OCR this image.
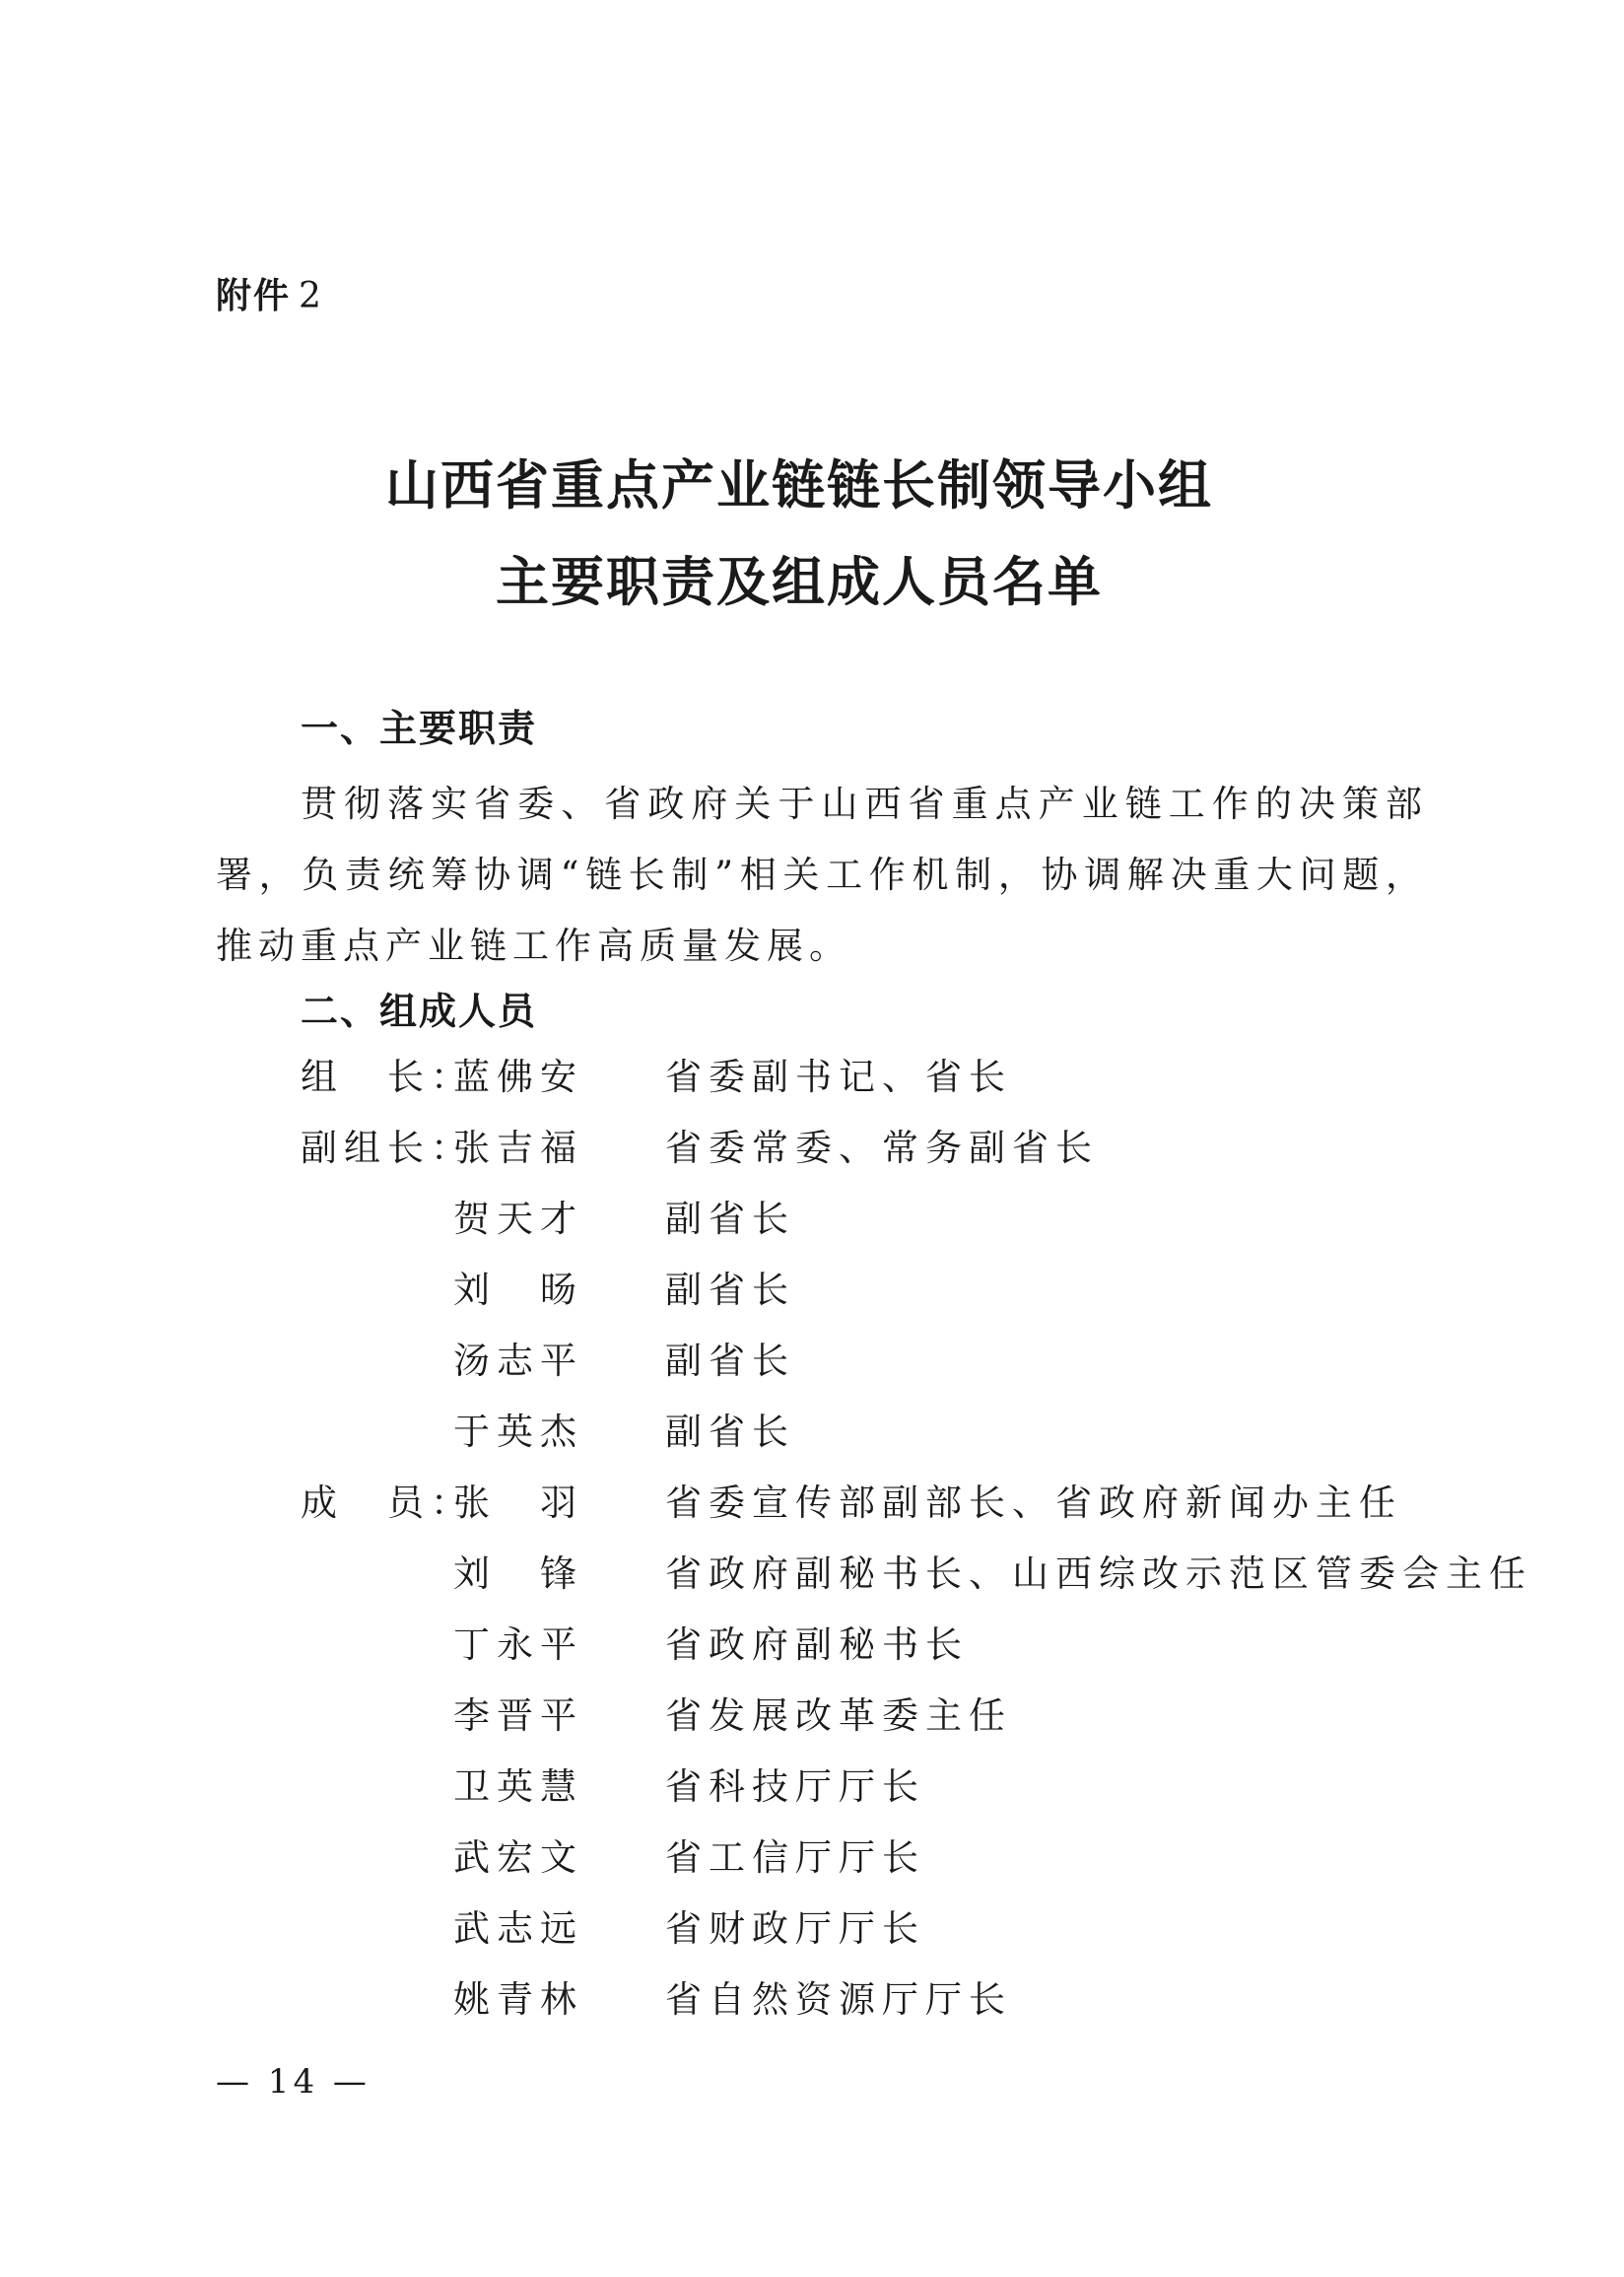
附件 2
山西省重点产业链链长制领导小组
主要职责及组成人员名单
一、主要职责
贯彻落实省委、省政府关于山西省重点产业链工作的决策部署，负责统筹协调“链长制”相关工作机制，协调解决重大问题，推动重点产业链工作高质量发展。
二、组成人员
组　长：
蓝佛安 省委副书记、省长
副组长：
张吉福 省委常委、常务副省长
贺天才 副省长
刘　旸 副省长
汤志平 副省长
于英杰 副省长
成　员：
张　羽 省委宣传部副部长、省政府新闻办主任
刘　锋 省政府副秘书长、山西综改示范区管委会主任
丁永平 省政府副秘书长
李晋平 省发展改革委主任
卫英慧 省科技厅厅长
武宏文 省工信厅厅长
武志远 省财政厅厅长
姚青林 省自然资源厅厅长
— 14 —
